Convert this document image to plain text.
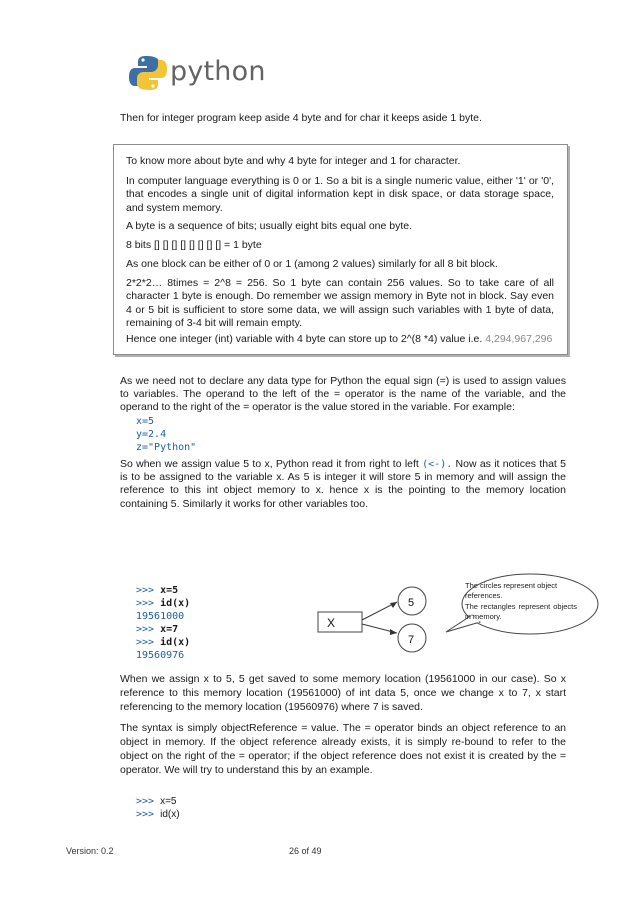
python
Then for integer program keep aside 4 byte and for char it keeps aside 1 byte.

To know more about byte and why 4 byte for integer and 1 for character.

In computer language everything is 0 or 1. So a bit is a single numeric value, either '1' or '0', that encodes a single unit of digital information kept in disk space, or data storage space, and system memory.

A byte is a sequence of bits; usually eight bits equal one byte.

8 bits [] [] [] [] [] [] [] [] = 1 byte

As one block can be either of 0 or 1 (among 2 values) similarly for all 8 bit block.

2*2*2… 8times = 2^8 = 256. So 1 byte can contain 256 values. So to take care of all character 1 byte is enough. Do remember we assign memory in Byte not in block. Say even 4 or 5 bit is sufficient to store some data, we will assign such variables with 1 byte of data, remaining of 3-4 bit will remain empty.

Hence one integer (int) variable with 4 byte can store up to 2^(8 *4) value i.e. 4,294,967,296

As we need not to declare any data type for Python the equal sign (=) is used to assign values to variables. The operand to the left of the = operator is the name of the variable, and the operand to the right of the = operator is the value stored in the variable. For example:

x=5
y=2.4
z="Python"

So when we assign value 5 to x, Python read it from right to left (<-). Now as it notices that 5 is to be assigned to the variable x. As 5 is integer it will store 5 in memory and will assign the reference to this int object memory to x. hence x is the pointing to the memory location containing 5. Similarly it works for other variables too.

>>> x=5
>>> id(x)
19561000
>>> x=7
>>> id(x)
19560976
X
5
7
The circles represent object references.
The rectangles represent objects in memory.

When we assign x to 5, 5 get saved to some memory location (19561000 in our case). So x reference to this memory location (19561000) of int data 5, once we change x to 7, x start referencing to the memory location (19560976) where 7 is saved.

The syntax is simply objectReference = value. The = operator binds an object reference to an object in memory. If the object reference already exists, it is simply re-bound to refer to the object on the right of the = operator; if the object reference does not exist it is created by the = operator. We will try to understand this by an example.

>>> x=5
>>> id(x)
Version: 0.2	26 of 49
